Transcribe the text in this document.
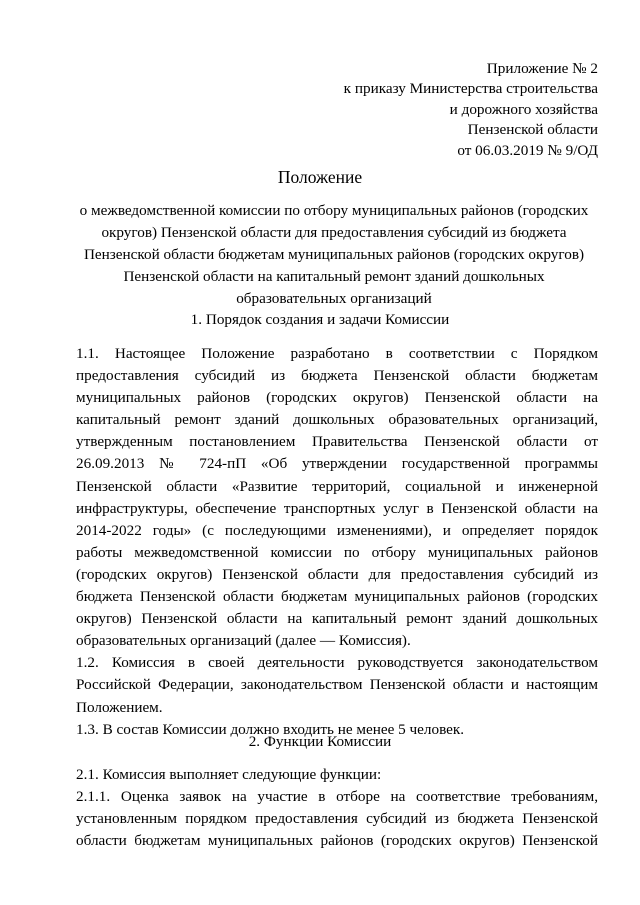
Приложение № 2
к приказу Министерства строительства
и дорожного хозяйства
Пензенской области
от 06.03.2019 № 9/ОД
Положение
о межведомственной комиссии по отбору муниципальных районов (городских
округов) Пензенской области для предоставления субсидий из бюджета
Пензенской области бюджетам муниципальных районов (городских округов)
Пензенской области на капитальный ремонт зданий дошкольных
образовательных организаций
1. Порядок создания и задачи Комиссии
1.1. Настоящее Положение разработано в соответствии с Порядком
предоставления субсидий из бюджета Пензенской области бюджетам
муниципальных районов (городских округов) Пензенской области на
капитальный ремонт зданий дошкольных образовательных организаций,
утвержденным постановлением Правительства Пензенской области от
26.09.2013 № 724-пП «Об утверждении государственной программы
Пензенской области «Развитие территорий, социальной и инженерной
инфраструктуры, обеспечение транспортных услуг в Пензенской области на
2014-2022 годы» (с последующими изменениями), и определяет порядок
работы межведомственной комиссии по отбору муниципальных районов
(городских округов) Пензенской области для предоставления субсидий из
бюджета Пензенской области бюджетам муниципальных районов (городских
округов) Пензенской области на капитальный ремонт зданий дошкольных
образовательных организаций (далее — Комиссия).
1.2. Комиссия в своей деятельности руководствуется законодательством
Российской Федерации, законодательством Пензенской области и настоящим
Положением.
1.3. В состав Комиссии должно входить не менее 5 человек.
2. Функции Комиссии
2.1. Комиссия выполняет следующие функции:
2.1.1. Оценка заявок на участие в отборе на соответствие требованиям,
установленным порядком предоставления субсидий из бюджета Пензенской
области бюджетам муниципальных районов (городских округов) Пензенской
